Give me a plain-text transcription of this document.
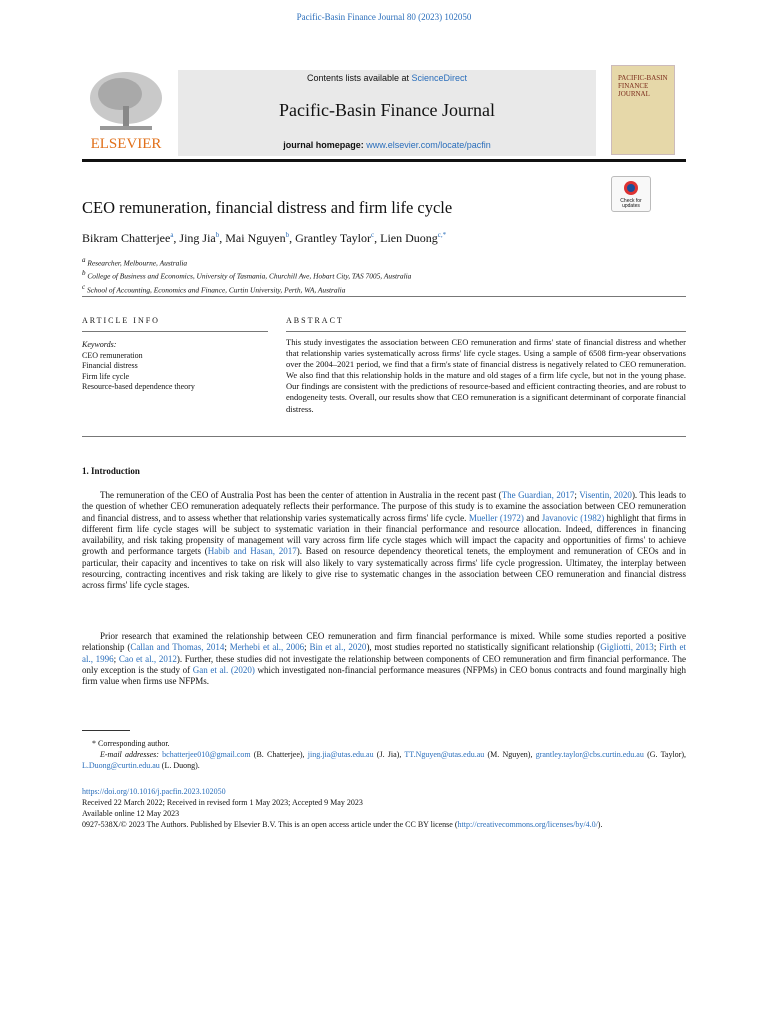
Pacific-Basin Finance Journal 80 (2023) 102050
ELSEVIER
Contents lists available at ScienceDirect
Pacific-Basin Finance Journal
journal homepage: www.elsevier.com/locate/pacfin
PACIFIC-BASIN FINANCE JOURNAL
Check for
updates
CEO remuneration, financial distress and firm life cycle
Bikram Chatterjee$^a$, Jing Jia$^b$, Mai Nguyen$^b$, Grantley Taylor$^c$, Lien Duong$^{c,*}$
$^a$ Researcher, Melbourne, Australia
$^b$ College of Business and Economics, University of Tasmania, Churchill Ave, Hobart City, TAS 7005, Australia
$^c$ School of Accounting, Economics and Finance, Curtin University, Perth, WA, Australia
ARTICLE INFO
Keywords:
CEO remuneration
Financial distress
Firm life cycle
Resource-based dependence theory
ABSTRACT
This study investigates the association between CEO remuneration and firms' state of financial distress and whether that relationship varies systematically across firms' life cycle stages. Using a sample of 6508 firm-year observations over the 2004–2021 period, we find that a firm's state of financial distress is negatively related to CEO remuneration. We also find that this relationship holds in the mature and old stages of a firm life cycle, but not in the young phase. Our findings are consistent with the predictions of resource-based and efficient contracting theories, and are robust to endogeneity tests. Overall, our results show that CEO remuneration is a significant determinant of corporate financial distress.
1. Introduction
The remuneration of the CEO of Australia Post has been the center of attention in Australia in the recent past (The Guardian, 2017; Visentin, 2020). This leads to the question of whether CEO remuneration adequately reflects their performance. The purpose of this study is to examine the association between CEO remuneration and financial distress, and to assess whether that relationship varies systematically across firms' life cycle. Mueller (1972) and Javanovic (1982) highlight that firms in different firm life cycle stages will be subject to systematic variation in their financial performance and resource allocation. Indeed, differences in financing availability, and risk taking propensity of management will vary across firm life cycle stages which will impact the capacity and opportunities of firms' to achieve growth and performance targets (Habib and Hasan, 2017). Based on resource dependency theoretical tenets, the employment and remuneration of CEOs and in particular, their capacity and incentives to take on risk will also likely to vary systematically across firms' life cycle progression. Ultimatey, the interplay between resourcing, contracting incentives and risk taking are likely to give rise to systematic changes in the association between CEO remuneration and financial distress across firms' life cycle stages.
Prior research that examined the relationship between CEO remuneration and firm financial performance is mixed. While some studies reported a positive relationship (Callan and Thomas, 2014; Merhebi et al., 2006; Bin et al., 2020), most studies reported no statistically significant relationship (Gigliotti, 2013; Firth et al., 1996; Cao et al., 2012). Further, these studies did not investigate the relationship between components of CEO remuneration and firm financial performance. The only exception is the study of Gan et al. (2020) which investigated non-financial performance measures (NFPMs) in CEO bonus contracts and found marginally high firm value when firms use NFPMs.
* Corresponding author.
E-mail addresses: bchatterjee010@gmail.com (B. Chatterjee), jing.jia@utas.edu.au (J. Jia), TT.Nguyen@utas.edu.au (M. Nguyen), grantley.taylor@cbs.curtin.edu.au (G. Taylor), L.Duong@curtin.edu.au (L. Duong).
https://doi.org/10.1016/j.pacfin.2023.102050
Received 22 March 2022; Received in revised form 1 May 2023; Accepted 9 May 2023
Available online 12 May 2023
0927-538X/© 2023 The Authors. Published by Elsevier B.V. This is an open access article under the CC BY license (http://creativecommons.org/licenses/by/4.0/).
